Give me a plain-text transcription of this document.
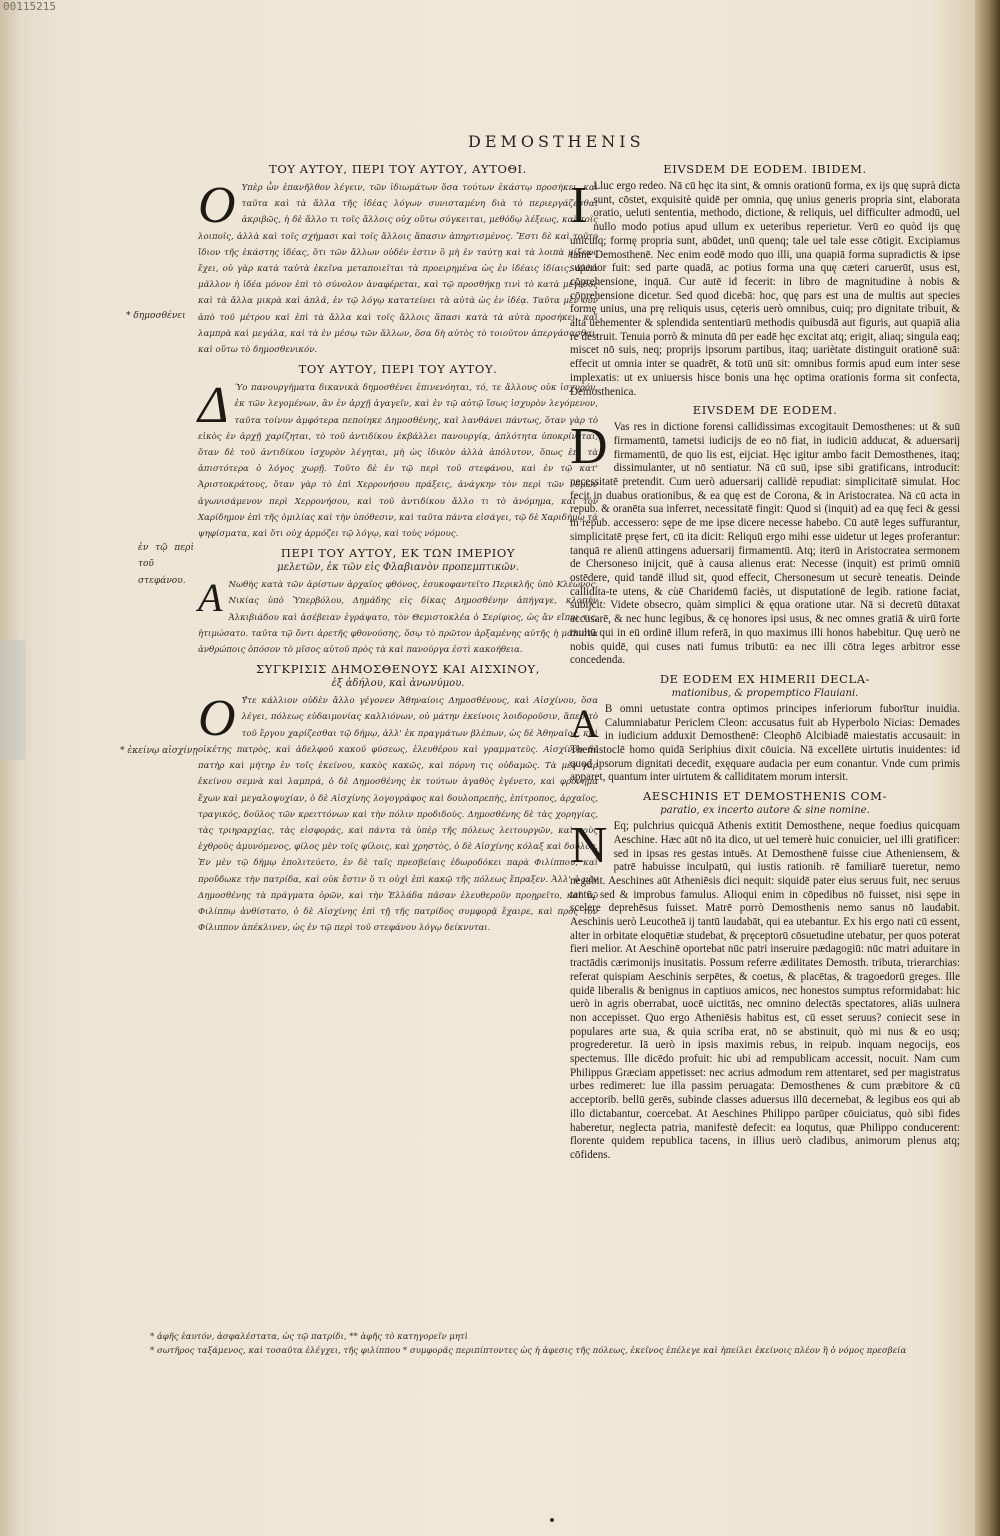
00115215
DEMOSTHENIS
ΤΟΥ ΑΥΤΟΥ, ΠΕΡΙ ΤΟΥ ΑΥΤΟΥ, ΑΥΤΟΘΙ.
Ο Υπὲρ ὧν ἐπανῆλθον λέγειν, τῶν ἰδιωμάτων ὅσα τούτων ἑκάστῳ προσήκει, καὶ ταῦτα καὶ τὰ ἄλλα τῆς ἰδέας λόγων συνισταμένη διὰ τὸ περιεργάζεσθαι ἀκριβῶς, ἡ δὲ ἄλλο τι τοῖς ἄλλοις οὐχ οὕτω σύγκειται, μεθόδῳ λέξεως, καὶ τοῖς λοιποῖς, ἀλλὰ καὶ τοῖς σχήμασι καὶ τοῖς ἄλλοις ἅπασιν ἀπηρτισμένος. Ἔστι δὲ καὶ τοῦτο ἴδιον τῆς ἑκάστης ἰδέας, ὅτι τῶν ἄλλων οὐδέν ἐστιν ὃ μὴ ἐν ταύτῃ καὶ τὰ λοιπὰ μίξεως ἔχει, οὐ γὰρ κατὰ ταὐτὰ ἐκεῖνα μεταποιεῖται τὰ προειρημένα ὡς ἐν ἰδέαις ἰδίαις, ἀλλὰ μᾶλλον ἡ ἰδέα μόνον ἐπὶ τὸ σύνολον ἀναφέρεται, καὶ τῷ προσθήκῃ τινὶ τὸ κατὰ μέγεθος καὶ τὰ ἄλλα μικρὰ καὶ ἁπλᾶ, ἐν τῷ λόγῳ κατατείνει τὰ αὐτὰ ὡς ἐν ἰδέᾳ. Ταῦτα μὲν οὖν ἀπὸ τοῦ μέτρου καὶ ἐπὶ τὰ ἄλλα καὶ τοῖς ἄλλοις ἅπασι κατὰ τὰ αὐτὰ προσήκει, καὶ λαμπρὰ καὶ μεγάλα, καὶ τὰ ἐν μέσῳ τῶν ἄλλων, ὅσα δὴ αὐτὸς τὸ τοιοῦτον ἀπεργάσασθαι, καὶ οὕτω τὸ δημοσθενικόν.
* δημοσθένει
ΤΟΥ ΑΥΤΟΥ, ΠΕΡΙ ΤΟΥ ΑΥΤΟΥ.
Δ Ύο πανουργήματα δικανικὰ δημοσθένει ἐπινενόηται, τό, τε ἄλλους οὐκ ἰσχυρόν, ἐκ τῶν λεγομένων, ἂν ἐν ἀρχῇ ἀγαγεῖν, καὶ ἐν τῷ αὐτῷ ἴσως ἰσχυρὸν λεγόμενον, ταῦτα τοίνυν ἀμφότερα πεποίηκε Δημοσθένης, καὶ λανθάνει πάντως, ὅταν γὰρ τὸ εἰκὸς ἐν ἀρχῇ χαρίζηται, τὸ τοῦ ἀντιδίκου ἐκβάλλει πανουργίᾳ, ἀπλότητα ὑποκρίνεται, ὅταν δὲ τοῦ ἀντιδίκου ἰσχυρὸν λέγηται, μὴ ὡς ἰδικὸν ἀλλὰ ἀπόλυτον, ὅπως ἐπὶ τὰ ἀπιστότερα ὁ λόγος χωρῇ. Τοῦτο δὲ ἐν τῷ περὶ τοῦ στεφάνου, καὶ ἐν τῷ κατ' Ἀριστοκράτους, ὅταν γὰρ τὸ ἐπὶ Χερρονήσου πράξεις, ἀνάγκην τὸν περὶ τῶν νόμων ἀγωνισάμενον περὶ Χερρονήσου, καὶ τοῦ ἀντιδίκου ἄλλο τι τὸ ἀνόμημα, καὶ τὸν Χαρίδημον ἐπὶ τῆς ὁμιλίας καὶ τὴν ὑπόθεσιν, καὶ ταῦτα πάντα εἰσάγει, τῷ δὲ Χαριδήμῳ τὰ ψηφίσματα, καὶ ὅτι οὐχ ἁρμόζει τῷ λόγῳ, καὶ τοὺς νόμους.
ἐν τῷ περὶ τοῦ στεφάνου.
ΠΕΡΙ ΤΟΥ ΑΥΤΟΥ, ΕΚ ΤΩΝ ΙΜΕΡΙΟΥ
μελετῶν, ἐκ τῶν εἰς Φλαβιανὸν προπεμπτικῶν.
Α Νωθὴς κατὰ τῶν ἀρίστων ἀρχαῖος φθόνος, ἐσυκοφαντεῖτο Περικλῆς ὑπὸ Κλέωνος, Νικίας ὑπὸ Ὑπερβόλου, Δημάδης εἰς δίκας Δημοσθένην ἀπήγαγε, κλοπὴν Ἀλκιβιάδου καὶ ἀσέβειαν ἐγράψατο, τὸν Θεμιστοκλέα ὁ Σερίφιος, ὡς ἂν εἴποι τις, ἠτιμώσατο. ταῦτα τῷ ὄντι ἀρετῆς φθονούσης, ὅσῳ τὸ πρῶτον ἀρξαμένης αὐτῆς ἡ μάλιστα ἀνθρώποις ὁπόσον τὸ μῖσος αὐτοῦ πρὸς τὰ καὶ πανούργα ἐστὶ κακοήθεια.
ΣΥΓΚΡΙΣΙΣ ΔΗΜΟΣΘΕΝΟΥΣ ΚΑΙ ΑΙΣΧΙΝΟΥ,
ἐξ ἀδήλου, καὶ ἀνωνύμου.
Ο Υ̓́τε κάλλιον οὐδὲν ἄλλο γέγονεν Ἀθηναίοις Δημοσθένους, καὶ Αἰσχίνου, ὅσα λέγει, πόλεως εὐδαιμονίας καλλιόνων, οὐ μάτην ἐκείνοις λοιδοροῦσιν, ἅπερ τὸ τοῦ ἔργου χαρίζεσθαι τῷ δήμῳ, ἀλλ' ἐκ πραγμάτων βλέπων, ὡς δὲ Ἀθηναῖος, καὶ οἰκέτης πατρὸς, καὶ ἀδελφοῦ κακοῦ φύσεως, ἐλευθέρου καὶ γραμματεὺς. Αἰσχίνου δὲ πατὴρ καὶ μήτηρ ἐν τοῖς ἐκείνου, κακὸς κακῶς, καὶ πόρνη τις οὐδαμῶς. Τὰ μὲν γὰρ ἐκείνου σεμνὰ καὶ λαμπρά, ὁ δὲ Δημοσθένης ἐκ τούτων ἀγαθὸς ἐγένετο, καὶ φρόνημα ἔχων καὶ μεγαλοψυχίαν, ὁ δὲ Αἰσχίνης λογογράφος καὶ δουλοπρεπὴς, ἐπίτροπος, ἀρχαῖος, τραγικός, δοῦλος τῶν κρειττόνων καὶ τὴν πόλιν προδιδοὺς. Δημοσθένης δὲ τὰς χορηγίας, τὰς τριηραρχίας, τὰς εἰσφοράς, καὶ πάντα τὰ ὑπὲρ τῆς πόλεως λειτουργῶν, καὶ τοὺς ἐχθροὺς ἀμυνόμενος, φίλος μὲν τοῖς φίλοις, καὶ χρηστὸς, ὁ δὲ Αἰσχίνης κόλαξ καὶ δοῦλος. Ἐν μὲν τῷ δήμῳ ἐπολιτεύετο, ἐν δὲ ταῖς πρεσβείαις ἐδωροδόκει παρὰ Φιλίππου, καὶ προὔδωκε τὴν πατρίδα, καὶ οὐκ ἔστιν ὅ τι οὐχὶ ἐπὶ κακῷ τῆς πόλεως ἔπραξεν. Ἀλλ' ὁ μὲν Δημοσθένης τὰ πράγματα ὁρῶν, καὶ τὴν Ἑλλάδα πᾶσαν ἐλευθεροῦν προῃρεῖτο, καὶ τῷ Φιλίππῳ ἀνθίστατο, ὁ δὲ Αἰσχίνης ἐπὶ τῇ τῆς πατρίδος συμφορᾷ ἔχαιρε, καὶ πρὸς τὸν Φίλιππον ἀπέκλινεν, ὡς ἐν τῷ περὶ τοῦ στεφάνου λόγῳ δείκνυται.
* ἐκείνῳ αἰσχίνῃ
EIVSDEM DE EODEM. IBIDEM.
I Lluc ergo redeo. Nā cū hęc ita sint, & omnis orationū forma, ex ijs quę suprà dicta sunt, cōstet, exquisitè quidē per omnia, quę unius generis propria sint, elaborata oratio, ueluti sententia, methodo, dictione, & reliquis, uel difficulter admodū, uel nullo modo potius apud ullum ex ueteribus reperietur. Verū eo quòd ijs quę unicuiq; formę propria sunt, abūdet, unū quenq; tale uel tale esse cōtigit. Excipiamus tamē Demosthenē. Nec enim eodē modo quo illi, una quapiā forma supradictis & ipse superior fuit: sed parte quadā, ac potius forma una quę cæteri caruerūt, usus est, cōprehensione, inquā. Cur autē id fecerit: in libro de magnitudine à nobis & cōprehensione dicetur. Sed quod dicebā: hoc, quę pars est una de multis aut species formę unius, una prę reliquis usus, cęteris uerò omnibus, cuiq; pro dignitate tribuit, & alta uehementer & splendida sententiarū methodis quibusdā aut figuris, aut quapiā alia re destruit. Tenuia porrò & minuta dū per eadē hęc excitat atq; erigit, aliaq; singula eaq; miscet nō suis, neq; proprijs ipsorum partibus, itaq; uariètate distinguit orationē suā: effecit ut omnia inter se quadrēt, & totū unū sit: omnibus formis apud eum inter sese implexatis: ut ex uniuersis hisce bonis una hęc optima orationis forma sit confecta, Demosthenica.
EIVSDEM DE EODEM.
D Vas res in dictione forensi callidissimas excogitauit Demosthenes: ut & suū firmamentū, tametsi iudicijs de eo nō fiat, in iudiciū adducat, & aduersarij firmamentū, de quo lis est, eijciat. Hęc igitur ambo facit Demosthenes, itaq; dissimulanter, ut nō sentiatur. Nā cū suū, ipse sibi gratificans, introducit: necessitatē pretendit. Cum uerò aduersarij callidè repudiat: simplicitatē simulat. Hoc fecit in duabus orationibus, & ea quę est de Corona, & in Aristocratea. Nā cū acta in repub. & oranēta sua inferret, necessitatē fingit: Quod si (inquit) ad ea quę feci & gessi in repub. accessero: sępe de me ipse dicere necesse habebo. Cū autē leges suffurantur, simplicitatē pręse fert, cū ita dicit: Reliquū ergo mihi esse uidetur ut leges proferantur: tanquā re alienū attingens aduersarij firmamentū. Atq; iterū in Aristocratea sermonem de Chersoneso inijcit, quē à causa alienus erat: Necesse (inquit) est primū omniū ostēdere, quid tandē illud sit, quod effecit, Chersonesum ut securè teneatis. Deinde callidita-te utens, & cùē Charidemū faciès, ut disputationē de legib. ratione faciat, subijcit: Videte obsecro, quàm simplici & ęqua oratione utar. Nā si decretū dūtaxat accusarē, & nec hunc legibus, & cę honores ipsi usus, & nec omnes gratiā & uirū forte multū qui in eū ordinē illum referā, in quo maximus illi honos habebitur. Quę uerò ne nobis quidē, qui cuses nati fumus tributū: ea nec illi cōtra leges arbitror esse concedenda.
DE EODEM EX HIMERII DECLA-
mationibus, & propemptico Flauiani.
A B omni uetustate contra optimos principes inferiorum fuborītur inuidia. Calumniabatur Periclem Cleon: accusatus fuit ab Hyperbolo Nicias: Demades in iudicium adduxit Demosthenē: Cleophō Alcibiadē maiestatis accusauit: in Themistoclē homo quidā Seriphius dixit cōuicia. Nā excellēte uirtutis inuidentes: id quod ipsorum dignitati decedit, exęquare audacia per eum conantur. Vnde cum primis apparet, quantum inter uirtutem & calliditatem morum intersit.
AESCHINIS ET DEMOSTHENIS COM-
paratio, ex incerto autore & sine nomine.
N Eq; pulchrius quicquā Athenis extitit Demosthene, neque foedius quicquam Aeschine. Hæc aūt nō ita dico, ut uel temerè huic conuicier, uel illi gratificer: sed in ipsas res gestas intuēs. At Demosthenē fuisse ciue Atheniensem, & patrē habuisse inculpatū, qui iustis rationib. rē familiarē tueretur, nemo negabit. Aeschines aūt Atheniēsis dici nequit: siquidē pater eius seruus fuit, nec seruus tantū, sed & improbus famulus. Alioqui enim in cōpedibus nō fuisset, nisi sępe in scelere deprehēsus fuisset. Matrē porrò Demosthenis nemo sanus nō laudabit. Aeschinis uerò Leucotheā ij tantū laudabāt, qui ea utebantur. Ex his ergo nati cū essent, alter in orbitate eloquētiæ studebat, & pręceptorū cōsuetudine utebatur, per quos poterat fieri melior. At Aeschinē oportebat nūc patri inseruire pædagogiū: nūc matri aduitare in tractādis cærimonijs inusitatis. Possum referre ædilitates Demosth. tributa, trierarchias: referat quispiam Aeschinis serpētes, & coetus, & placētas, & tragoedorū greges. Ille quidē liberalis & benignus in captiuos amicos, nec honestos sumptus reformidabat: hic uerò in agris oberrabat, uocē uictitās, nec omnino delectās spectatores, aliās uulnera non accepisset. Quo ergo Atheniēsis habitus est, cū esset seruus? coniecit sese in populares arte sua, & quia scriba erat, nō se abstinuit, quò mi nus & eo usq; progrederetur. Iā uerò in ipsis maximis rebus, in reipub. inquam negocijs, eos spectemus. Ille dicēdo profuit: hic ubi ad rempublicam accessit, nocuit. Nam cum Philippus Græciam appetisset: nec acrius admodum rem attentaret, sed per magistratus urbes redimeret: lue illa passim peruagata: Demosthenes & cum præbitore & cū acceptorib. bellū gerēs, subinde classes aduersus illū decernebat, & legibus eos qui ab illo dictabantur, coercebat. At Aeschines Philippo parūper cōuiciatus, quò sibi fides haberetur, neglecta patria, manifestè defecit: ea loqutus, quæ Philippo conducerent: florente quidem republica tacens, in illius uerò cladibus, animorum plenus atq; cōfidens.
* ἀφῆς ἑαυτόν, ἀσφαλέστατα, ὡς τῷ πατρίδι, ** ἀφῆς τὸ κατηγορεῖν μητὶ
* σωτῆρος ταξάμενος, καὶ τοσαῦτα ἐλέγχει, τῆς φιλίππου * συμφορᾶς περιπίπτοντες ὡς ἡ ἀφεσις τῆς πόλεως, ἐκεῖνος ἐπέλεγε καὶ ἠπείλει ἐκείνοις πλέον ἢ ὁ νόμος πρεσβεία
